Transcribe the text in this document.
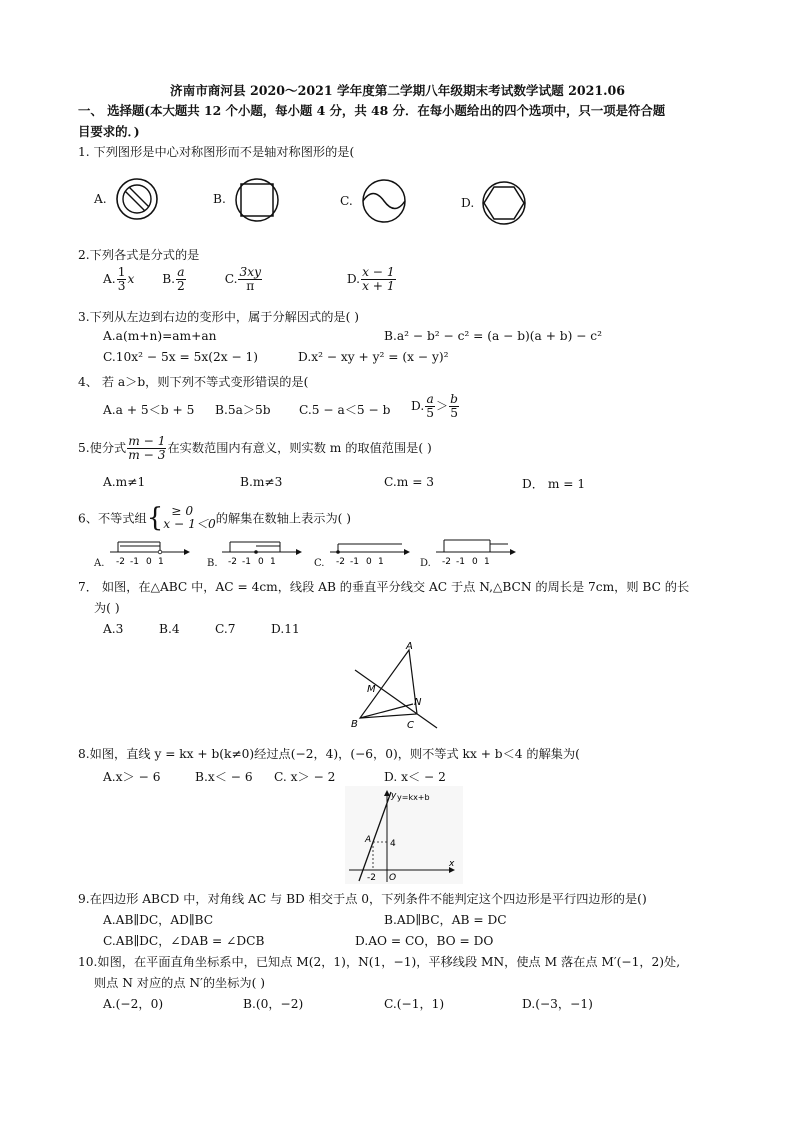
济南市商河县 2020～2021 学年度第二学期八年级期末考试数学试题 2021.06
一、 选择题(本大题共 12 个小题，每小题 4 分，共 48 分．在每小题给出的四个选项中，只一项是符合题
目要求的．)
1. 下列图形是中心对称图形而不是轴对称图形的是(
A.	B.	C.	D.
2.下列各式是分式的是
A. $\frac{1}{3}$ x B. $\frac{a}{2}$	C. $\frac{3xy}{\pi}$	D. $\frac{x - 1}{x + 1}$
3.下列从左边到右边的变形中，属于分解因式的是( )
A.a(m+n)=am+an	B.a² − b² − c² = (a − b)(a + b) − c²
C.10x² − 5x = 5x(2x − 1)	D.x² − xy + y² = (x − y)²
4、 若 a＞b，则下列不等式变形错误的是(
A.a + 5＜b + 5 B.5a＞5b C.5 − a＜5 − b D. $\frac{a}{5} > \frac{b}{5}$
5.使分式 $\frac{m - 1}{m - 3}$ 在实数范围内有意义，则实数 m 的取值范围是( )
A.m≠1	B.m≠3	C.m = 3	D． m = 1
6、不等式组{ ≥ 0
x − 1＜0 的解集在数轴上表示为( )
A. -2 -1 0 1	B. -2 -1 0 1	C. -2 -1 0 1	D. -2 -1 0 1
7． 如图，在△ABC 中，AC = 4cm，线段 AB 的垂直平分线交 AC 于点 N,△BCN 的周长是 7cm，则 BC 的长
为( )
A.3	B.4	C.7	D.11
A
M
N
B	C
8.如图，直线 y = kx + b(k≠0)经过点(−2，4)，(−6，0)，则不等式 kx + b＜4 的解集为(
A.x＞ − 6	B.x＜ − 6 C. x＞ − 2	D. x＜ − 2
y y=kx+b
A 4
-2 O
x
9.在四边形 ABCD 中，对角线 AC 与 BD 相交于点 0，下列条件不能判定这个四边形是平行四边形的是()
A.AB∥DC，AD∥BC	B.AD∥BC，AB = DC
C.AB∥DC，∠DAB = ∠DCB	D.AO = CO，BO = DO
10.如图，在平面直角坐标系中，已知点 M(2，1)，N(1，−1)，平移线段 MN，使点 M 落在点 M′(−1，2)处,
则点 N 对应的点 N′的坐标为( )
A.(−2，0)	B.(0，−2)	C.(−1，1)	D.(−3，−1)
